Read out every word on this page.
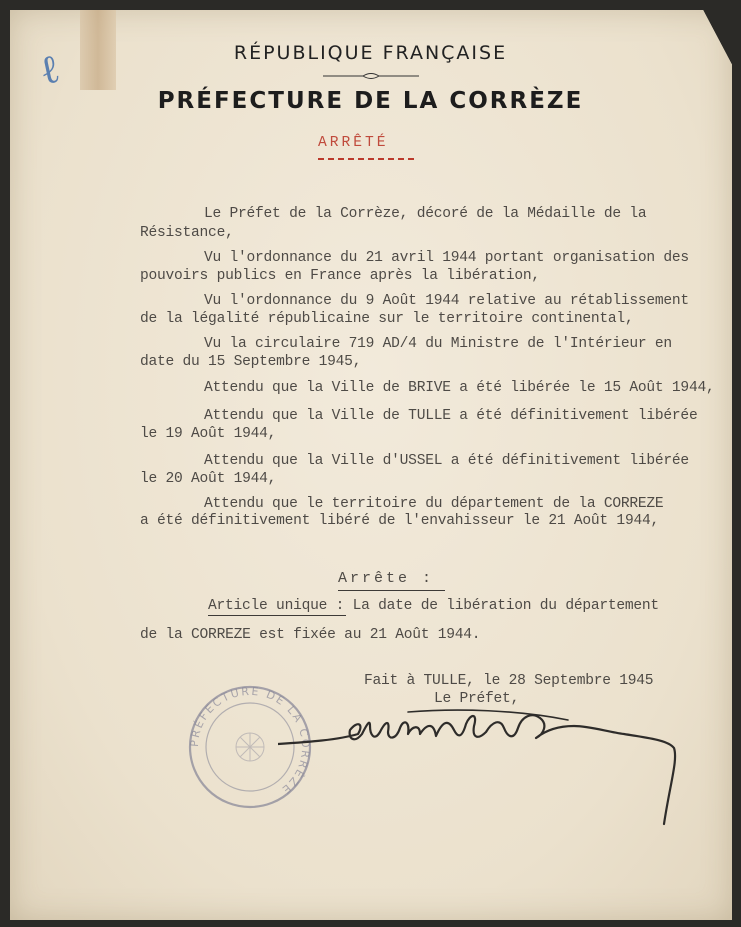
ℓ	RÉPUBLIQUE FRANÇAISE
PRÉFECTURE DE LA CORRÈZE
ARRÊTÉ
Le Préfet de la Corrèze, décoré de la Médaille de la
Résistance,
Vu l'ordonnance du 21 avril 1944 portant organisation des
pouvoirs publics en France après la libération,
Vu l'ordonnance du 9 Août 1944 relative au rétablissement
de la légalité républicaine sur le territoire continental,
Vu la circulaire 719 AD/4 du Ministre de l'Intérieur en
date du 15 Septembre 1945,
Attendu que la Ville de BRIVE a été libérée le 15 Août 1944,
Attendu que la Ville de TULLE a été définitivement libérée
le 19 Août 1944,
Attendu que la Ville d'USSEL a été définitivement libérée
le 20 Août 1944,
Attendu que le territoire du département de la CORREZE
a été définitivement libéré de l'envahisseur le 21 Août 1944,
Arrête :
Article unique : La date de libération du département
de la CORREZE est fixée au 21 Août 1944.
Fait à TULLE, le 28 Septembre 1945
Le Préfet,
PRÉFECTURE DE LA CORRÈZE
